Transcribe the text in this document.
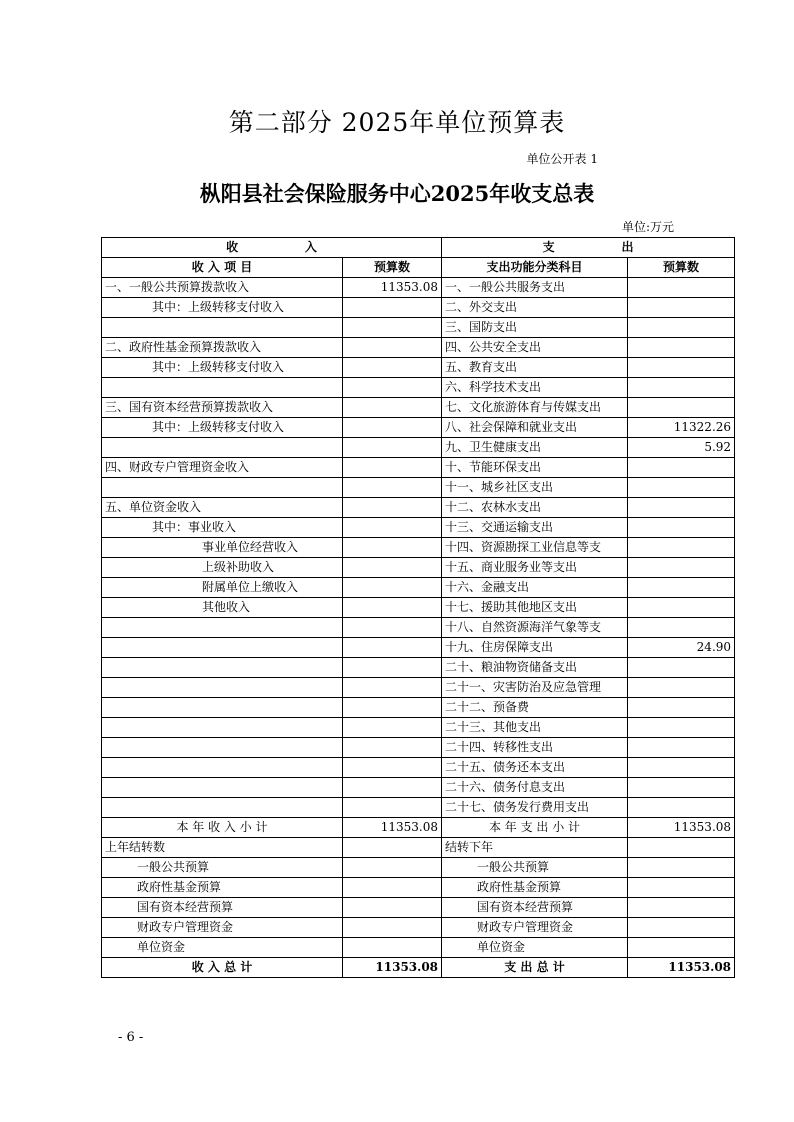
第二部分 2025年单位预算表
单位公开表 1
枞阳县社会保险服务中心2025年收支总表
单位:万元
收                入		支                出	
收 入 项 目	预算数	支出功能分类科目	预算数
一、一般公共预算拨款收入	11353.08	一、一般公共服务支出	
其中：上级转移支付收入		二、外交支出	
		三、国防支出	
二、政府性基金预算拨款收入		四、公共安全支出	
其中：上级转移支付收入		五、教育支出	
		六、科学技术支出	
三、国有资本经营预算拨款收入		七、文化旅游体育与传媒支出	
其中：上级转移支付收入		八、社会保障和就业支出	11322.26
		九、卫生健康支出	5.92
四、财政专户管理资金收入		十、节能环保支出	
		十一、城乡社区支出	
五、单位资金收入		十二、农林水支出	
其中：事业收入		十三、交通运输支出	
事业单位经营收入		十四、资源勘探工业信息等支	
上级补助收入		十五、商业服务业等支出	
附属单位上缴收入		十六、金融支出	
其他收入		十七、援助其他地区支出	
		十八、自然资源海洋气象等支	
		十九、住房保障支出	24.90
		二十、粮油物资储备支出	
		二十一、灾害防治及应急管理	
		二十二、预备费	
		二十三、其他支出	
		二十四、转移性支出	
		二十五、债务还本支出	
		二十六、债务付息支出	
		二十七、债务发行费用支出	
本 年 收 入 小 计	11353.08	本 年 支 出 小 计	11353.08
上年结转数		结转下年	
一般公共预算		一般公共预算	
政府性基金预算		政府性基金预算	
国有资本经营预算		国有资本经营预算	
财政专户管理资金		财政专户管理资金	
单位资金		单位资金	
收 入 总 计	11353.08	支 出 总 计	11353.08
- 6 -
